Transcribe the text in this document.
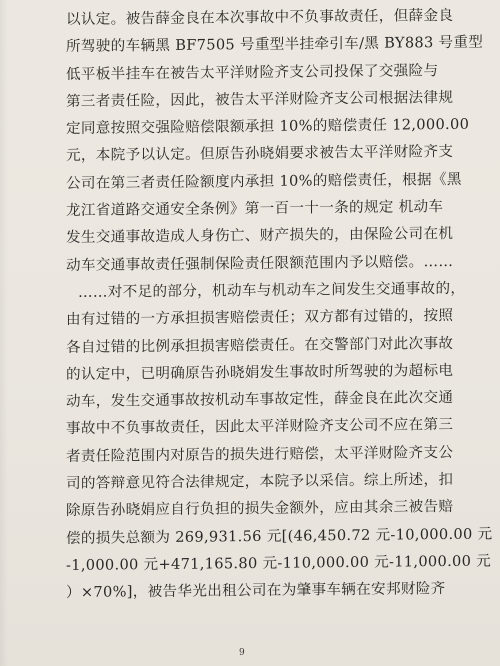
以认定。被告薛金良在本次事故中不负事故责任，但薛金良
所驾驶的车辆黑 BF7505 号重型半挂牵引车/黑 BY883 号重型
低平板半挂车在被告太平洋财险齐支公司投保了交强险与
第三者责任险，因此，被告太平洋财险齐支公司根据法律规
定同意按照交强险赔偿限额承担 10%的赔偿责任 12,000.00
元，本院予以认定。但原告孙晓娟要求被告太平洋财险齐支
公司在第三者责任险额度内承担 10%的赔偿责任，根据《黑
龙江省道路交通安全条例》第一百一十一条的规定 机动车
发生交通事故造成人身伤亡、财产损失的，由保险公司在机
动车交通事故责任强制保险责任限额范围内予以赔偿。……
……对不足的部分，机动车与机动车之间发生交通事故的，
由有过错的一方承担损害赔偿责任；双方都有过错的，按照
各自过错的比例承担损害赔偿责任。在交警部门对此次事故
的认定中，已明确原告孙晓娟发生事故时所驾驶的为超标电
动车，发生交通事故按机动车事故定性，薛金良在此次交通
事故中不负事故责任，因此太平洋财险齐支公司不应在第三
者责任险范围内对原告的损失进行赔偿，太平洋财险齐支公
司的答辩意见符合法律规定，本院予以采信。综上所述，扣
除原告孙晓娟应自行负担的损失金额外，应由其余三被告赔
偿的损失总额为 269,931.56 元[(46,450.72 元-10,000.00 元
-1,000.00 元+471,165.80 元-110,000.00 元-11,000.00 元
）×70%]，被告华光出租公司在为肇事车辆在安邦财险齐
9
